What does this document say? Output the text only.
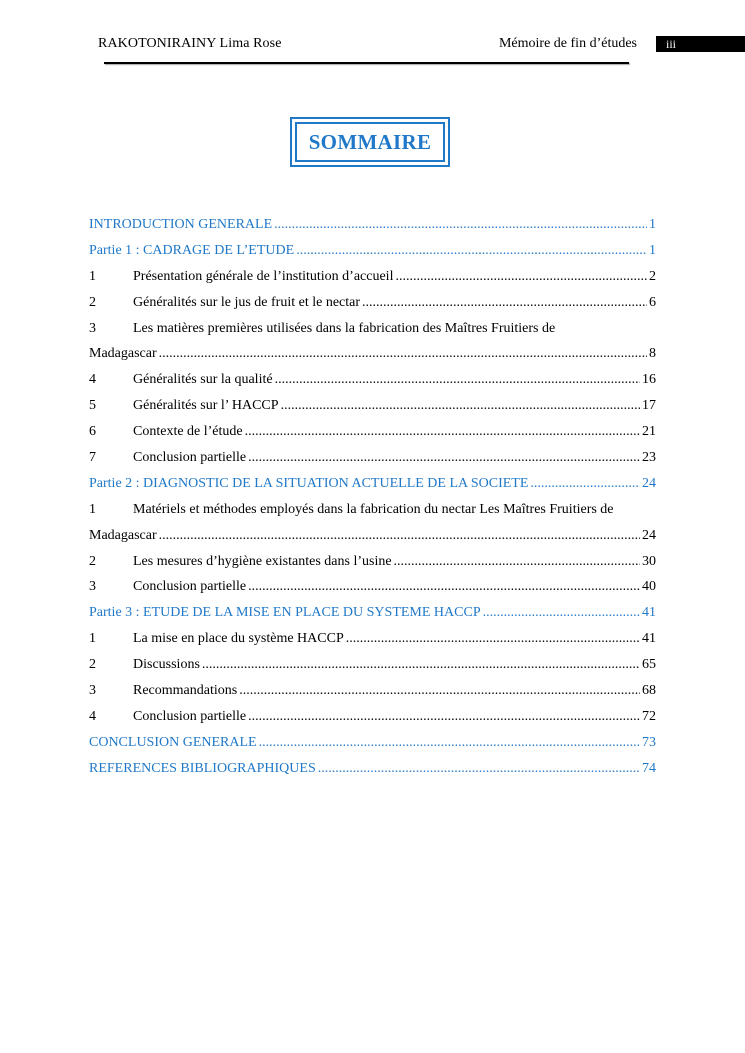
RAKOTONIRAINY Lima Rose	Mémoire de fin d’études	iii
SOMMAIRE
INTRODUCTION GENERALE .....	1
Partie 1 : CADRAGE DE L’ETUDE .....	1
1	Présentation générale de l’institution d’accueil .....	2
2	Généralités sur le jus de fruit et le nectar .....	6
3	Les matières premières utilisées dans la fabrication des Maîtres Fruitiers de
Madagascar .....	8
4	Généralités sur la qualité .....	16
5	Généralités sur l’ HACCP .....	17
6	Contexte de l’étude .....	21
7	Conclusion partielle .....	23
Partie 2 : DIAGNOSTIC DE LA SITUATION ACTUELLE DE LA SOCIETE .....	24
1	Matériels et méthodes employés dans la fabrication du nectar Les Maîtres Fruitiers de
Madagascar .....	24
2	Les mesures d’hygiène existantes dans l’usine .....	30
3	Conclusion partielle .....	40
Partie 3 : ETUDE DE LA MISE EN PLACE DU SYSTEME HACCP .....	41
1	La mise en place du système HACCP .....	41
2	Discussions .....	65
3	Recommandations .....	68
4	Conclusion partielle .....	72
CONCLUSION GENERALE .....	73
REFERENCES BIBLIOGRAPHIQUES .....	74
